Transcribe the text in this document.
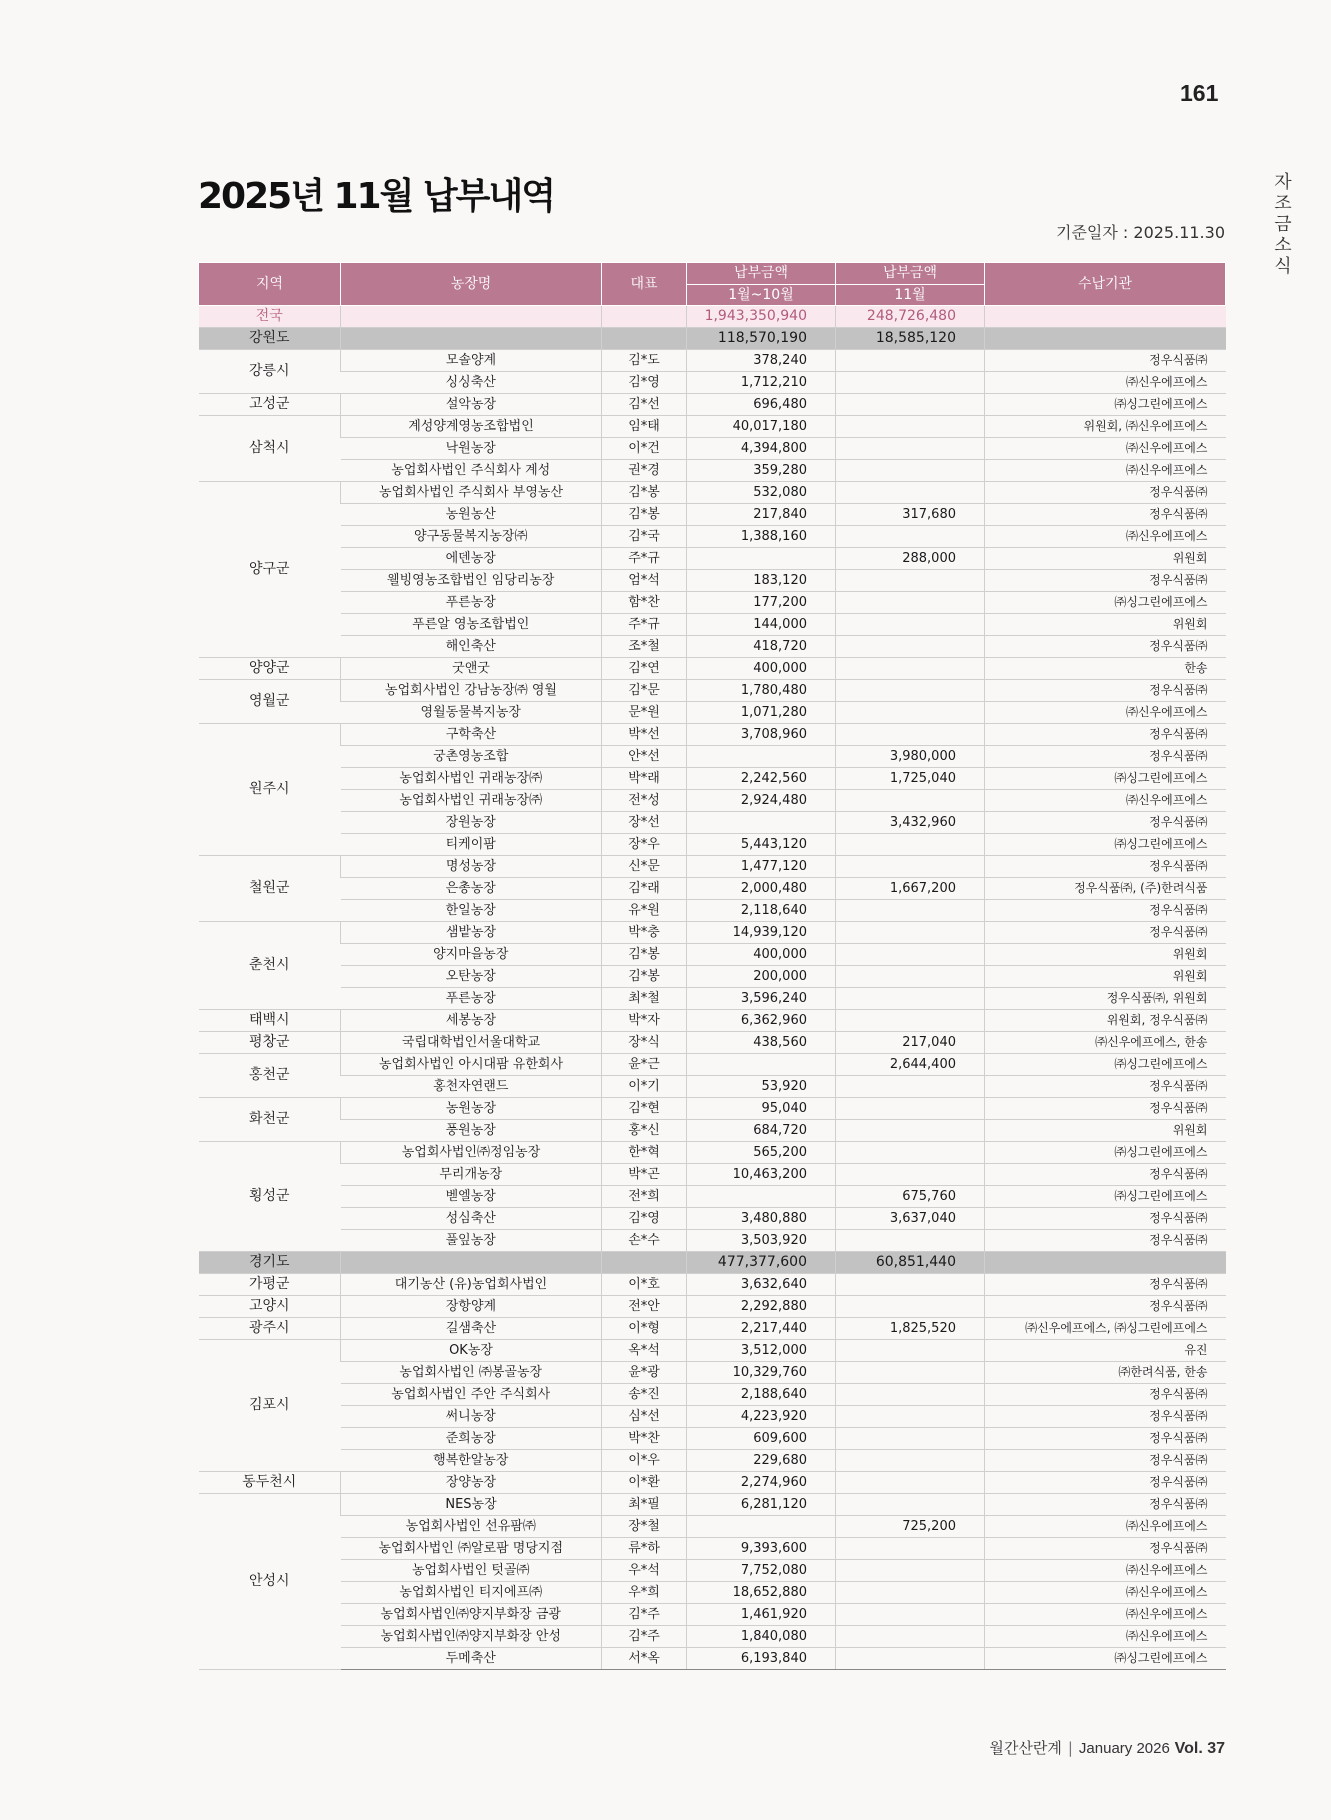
161
자조금소식
2025년 11월 납부내역
기준일자 : 2025.11.30
지역	농장명	대표	납부금액	납부금액	수납기관
			1월~10월	11월	
전국			1,943,350,940	248,726,480	
강원도			118,570,190	18,585,120	
강릉시	모솔양계	김*도	378,240		정우식품㈜
	싱싱축산	김*영	1,712,210		㈜신우에프에스
고성군	설악농장	김*선	696,480		㈜싱그린에프에스
삼척시	계성양계영농조합법인	임*태	40,017,180		위원회, ㈜신우에프에스
	낙원농장	이*건	4,394,800		㈜신우에프에스
	농업회사법인 주식회사 계성	권*경	359,280		㈜신우에프에스
양구군	농업회사법인 주식회사 부영농산	김*봉	532,080		정우식품㈜
	농원농산	김*봉	217,840	317,680	정우식품㈜
	양구동물복지농장㈜	김*국	1,388,160		㈜신우에프에스
	에덴농장	주*규		288,000	위원회
	웰빙영농조합법인 임당리농장	엄*석	183,120		정우식품㈜
	푸른농장	함*찬	177,200		㈜싱그린에프에스
	푸른알 영농조합법인	주*규	144,000		위원회
	해인축산	조*철	418,720		정우식품㈜
양양군	굿앤굿	김*연	400,000		한송
영월군	농업회사법인 강남농장㈜ 영월	김*문	1,780,480		정우식품㈜
	영월동물복지농장	문*원	1,071,280		㈜신우에프에스
원주시	구학축산	박*선	3,708,960		정우식품㈜
	궁촌영농조합	안*선		3,980,000	정우식품㈜
	농업회사법인 귀래농장㈜	박*래	2,242,560	1,725,040	㈜싱그린에프에스
	농업회사법인 귀래농장㈜	전*성	2,924,480		㈜신우에프에스
	장원농장	장*선		3,432,960	정우식품㈜
	티케이팜	장*우	5,443,120		㈜싱그린에프에스
철원군	명성농장	신*문	1,477,120		정우식품㈜
	은총농장	김*래	2,000,480	1,667,200	정우식품㈜, (주)한려식품
	한일농장	유*원	2,118,640		정우식품㈜
춘천시	샘밭농장	박*충	14,939,120		정우식품㈜
	양지마을농장	김*봉	400,000		위원회
	오탄농장	김*봉	200,000		위원회
	푸른농장	최*철	3,596,240		정우식품㈜, 위원회
태백시	세봉농장	박*자	6,362,960		위원회, 정우식품㈜
평창군	국립대학법인서울대학교	장*식	438,560	217,040	㈜신우에프에스, 한송
홍천군	농업회사법인 아시대팜 유한회사	윤*근		2,644,400	㈜싱그린에프에스
	홍천자연랜드	이*기	53,920		정우식품㈜
화천군	농원농장	김*현	95,040		정우식품㈜
	풍원농장	홍*신	684,720		위원회
횡성군	농업회사법인㈜정임농장	한*혁	565,200		㈜싱그린에프에스
	무리개농장	박*곤	10,463,200		정우식품㈜
	벧엘농장	전*희		675,760	㈜싱그린에프에스
	성심축산	김*영	3,480,880	3,637,040	정우식품㈜
	풀잎농장	손*수	3,503,920		정우식품㈜
경기도			477,377,600	60,851,440	
가평군	대기농산 (유)농업회사법인	이*호	3,632,640		정우식품㈜
고양시	장항양계	전*안	2,292,880		정우식품㈜
광주시	길샘축산	이*형	2,217,440	1,825,520	㈜신우에프에스, ㈜싱그린에프에스
김포시	OK농장	옥*석	3,512,000		유진
	농업회사법인 ㈜봉골농장	윤*광	10,329,760		㈜한려식품, 한송
	농업회사법인 주안 주식회사	송*진	2,188,640		정우식품㈜
	써니농장	심*선	4,223,920		정우식품㈜
	준희농장	박*찬	609,600		정우식품㈜
	행복한알농장	이*우	229,680		정우식품㈜
동두천시	장양농장	이*환	2,274,960		정우식품㈜
안성시	NES농장	최*필	6,281,120		정우식품㈜
	농업회사법인 선유팜㈜	장*철		725,200	㈜신우에프에스
	농업회사법인 ㈜알로팜 명당지점	류*하	9,393,600		정우식품㈜
	농업회사법인 텃골㈜	우*석	7,752,080		㈜신우에프에스
	농업회사법인 티지에프㈜	우*희	18,652,880		㈜신우에프에스
	농업회사법인㈜양지부화장 금광	김*주	1,461,920		㈜신우에프에스
	농업회사법인㈜양지부화장 안성	김*주	1,840,080		㈜신우에프에스
	두메축산	서*옥	6,193,840		㈜싱그린에프에스
월간산란계 | January 2026 Vol. 37
